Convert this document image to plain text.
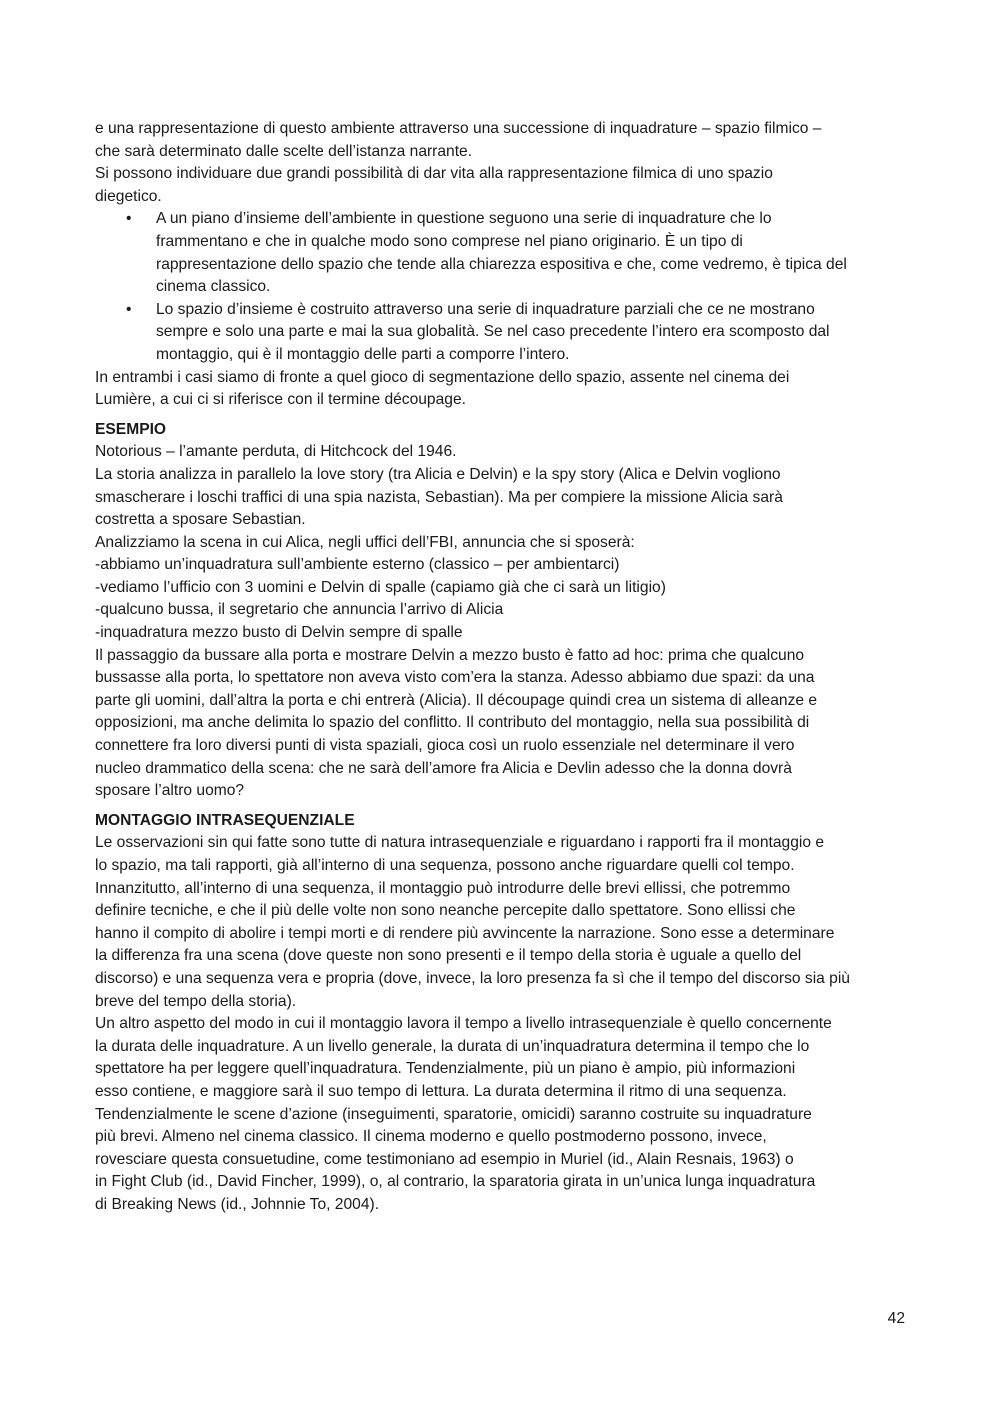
e una rappresentazione di questo ambiente attraverso una successione di inquadrature – spazio filmico –
che sarà determinato dalle scelte dell’istanza narrante.
Si possono individuare due grandi possibilità di dar vita alla rappresentazione filmica di uno spazio
diegetico.
• A un piano d’insieme dell’ambiente in questione seguono una serie di inquadrature che lo
frammentano e che in qualche modo sono comprese nel piano originario. È un tipo di
rappresentazione dello spazio che tende alla chiarezza espositiva e che, come vedremo, è tipica del
cinema classico.
• Lo spazio d’insieme è costruito attraverso una serie di inquadrature parziali che ce ne mostrano
sempre e solo una parte e mai la sua globalità. Se nel caso precedente l’intero era scomposto dal
montaggio, qui è il montaggio delle parti a comporre l’intero.
In entrambi i casi siamo di fronte a quel gioco di segmentazione dello spazio, assente nel cinema dei
Lumière, a cui ci si riferisce con il termine découpage.
ESEMPIO
Notorious – l’amante perduta, di Hitchcock del 1946.
La storia analizza in parallelo la love story (tra Alicia e Delvin) e la spy story (Alica e Delvin vogliono
smascherare i loschi traffici di una spia nazista, Sebastian). Ma per compiere la missione Alicia sarà
costretta a sposare Sebastian.
Analizziamo la scena in cui Alica, negli uffici dell’FBI, annuncia che si sposerà:
-abbiamo un’inquadratura sull’ambiente esterno (classico – per ambientarci)
-vediamo l’ufficio con 3 uomini e Delvin di spalle (capiamo già che ci sarà un litigio)
-qualcuno bussa, il segretario che annuncia l’arrivo di Alicia
-inquadratura mezzo busto di Delvin sempre di spalle
Il passaggio da bussare alla porta e mostrare Delvin a mezzo busto è fatto ad hoc: prima che qualcuno
bussasse alla porta, lo spettatore non aveva visto com’era la stanza. Adesso abbiamo due spazi: da una
parte gli uomini, dall’altra la porta e chi entrerà (Alicia). Il découpage quindi crea un sistema di alleanze e
opposizioni, ma anche delimita lo spazio del conflitto. Il contributo del montaggio, nella sua possibilità di
connettere fra loro diversi punti di vista spaziali, gioca così un ruolo essenziale nel determinare il vero
nucleo drammatico della scena: che ne sarà dell’amore fra Alicia e Devlin adesso che la donna dovrà
sposare l’altro uomo?
MONTAGGIO INTRASEQUENZIALE
Le osservazioni sin qui fatte sono tutte di natura intrasequenziale e riguardano i rapporti fra il montaggio e
lo spazio, ma tali rapporti, già all’interno di una sequenza, possono anche riguardare quelli col tempo.
Innanzitutto, all’interno di una sequenza, il montaggio può introdurre delle brevi ellissi, che potremmo
definire tecniche, e che il più delle volte non sono neanche percepite dallo spettatore. Sono ellissi che
hanno il compito di abolire i tempi morti e di rendere più avvincente la narrazione. Sono esse a determinare
la differenza fra una scena (dove queste non sono presenti e il tempo della storia è uguale a quello del
discorso) e una sequenza vera e propria (dove, invece, la loro presenza fa sì che il tempo del discorso sia più
breve del tempo della storia).
Un altro aspetto del modo in cui il montaggio lavora il tempo a livello intrasequenziale è quello concernente
la durata delle inquadrature. A un livello generale, la durata di un’inquadratura determina il tempo che lo
spettatore ha per leggere quell’inquadratura. Tendenzialmente, più un piano è ampio, più informazioni
esso contiene, e maggiore sarà il suo tempo di lettura. La durata determina il ritmo di una sequenza.
Tendenzialmente le scene d’azione (inseguimenti, sparatorie, omicidi) saranno costruite su inquadrature
più brevi. Almeno nel cinema classico. Il cinema moderno e quello postmoderno possono, invece,
rovesciare questa consuetudine, come testimoniano ad esempio in Muriel (id., Alain Resnais, 1963) o
in Fight Club (id., David Fincher, 1999), o, al contrario, la sparatoria girata in un’unica lunga inquadratura
di Breaking News (id., Johnnie To, 2004).
42
